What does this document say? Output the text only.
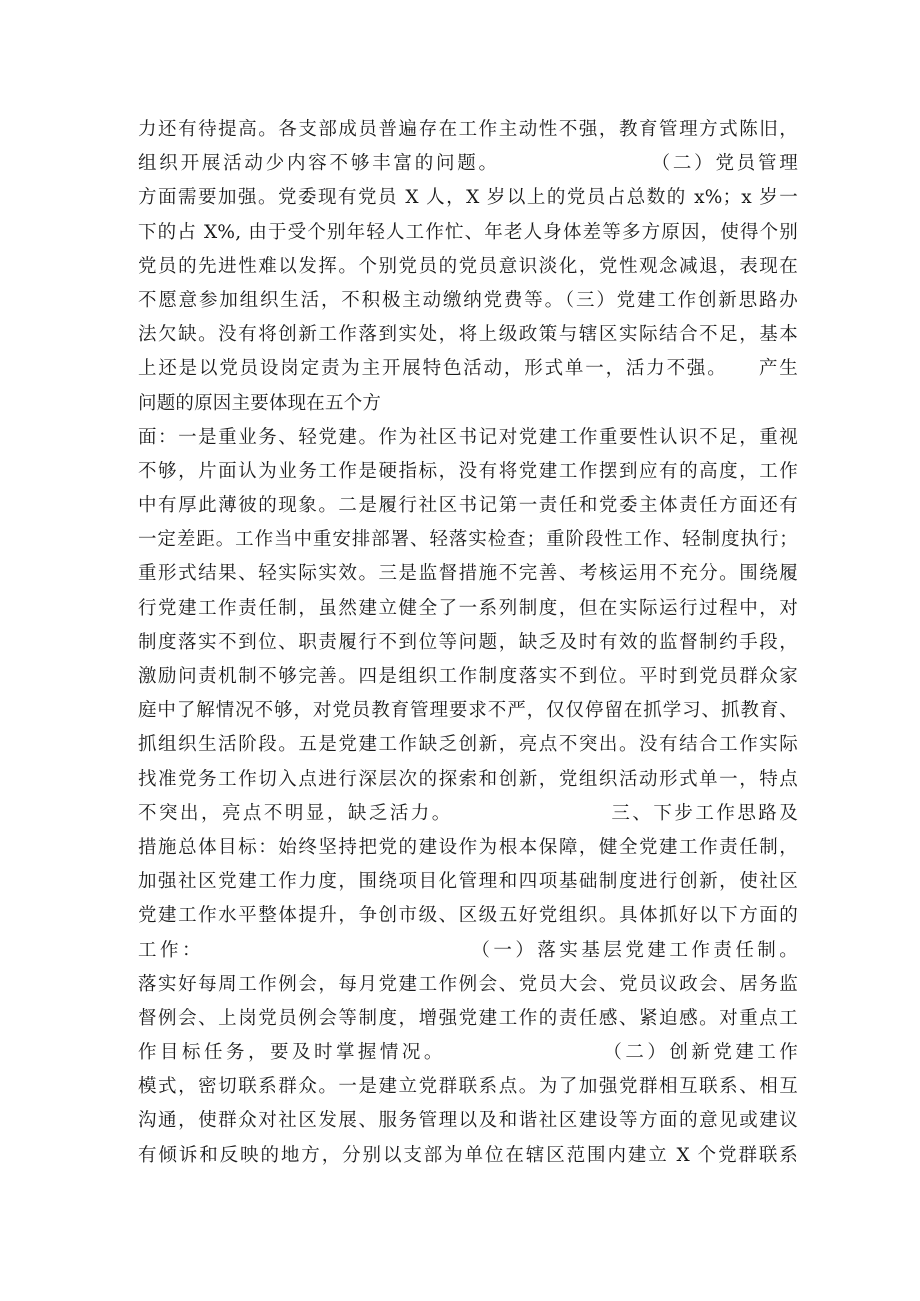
力还有待提高。各支部成员普遍存在工作主动性不强，教育管理方式陈旧，
组织开展活动少内容不够丰富的问题。　　　　　　　　（二）党员管理
方面需要加强。党委现有党员 X 人，X 岁以上的党员占总数的 x%；x 岁一
下的占 X%, 由于受个别年轻人工作忙、年老人身体差等多方原因，使得个别
党员的先进性难以发挥。个别党员的党员意识淡化，党性观念减退，表现在
不愿意参加组织生活，不积极主动缴纳党费等。（三）党建工作创新思路办
法欠缺。没有将创新工作落到实处，将上级政策与辖区实际结合不足，基本
上还是以党员设岗定责为主开展特色活动，形式单一，活力不强。　　产生
问题的原因主要体现在五个方
面：一是重业务、轻党建。作为社区书记对党建工作重要性认识不足，重视
不够，片面认为业务工作是硬指标，没有将党建工作摆到应有的高度，工作
中有厚此薄彼的现象。二是履行社区书记第一责任和党委主体责任方面还有
一定差距。工作当中重安排部署、轻落实检查；重阶段性工作、轻制度执行；
重形式结果、轻实际实效。三是监督措施不完善、考核运用不充分。围绕履
行党建工作责任制，虽然建立健全了一系列制度，但在实际运行过程中，对
制度落实不到位、职责履行不到位等问题，缺乏及时有效的监督制约手段，
激励问责机制不够完善。四是组织工作制度落实不到位。平时到党员群众家
庭中了解情况不够，对党员教育管理要求不严，仅仅停留在抓学习、抓教育、
抓组织生活阶段。五是党建工作缺乏创新，亮点不突出。没有结合工作实际
找准党务工作切入点进行深层次的探索和创新，党组织活动形式单一，特点
不突出，亮点不明显，缺乏活力。　　　　　　　　三、下步工作思路及
措施总体目标：始终坚持把党的建设作为根本保障，健全党建工作责任制，
加强社区党建工作力度，围绕项目化管理和四项基础制度进行创新，使社区
党建工作水平整体提升，争创市级、区级五好党组织。具体抓好以下方面的
工作：　　　　　　　　　　　　　（一）落实基层党建工作责任制。
落实好每周工作例会，每月党建工作例会、党员大会、党员议政会、居务监
督例会、上岗党员例会等制度，增强党建工作的责任感、紧迫感。对重点工
作目标任务，要及时掌握情况。　　　　　　　　（二）创新党建工作
模式，密切联系群众。一是建立党群联系点。为了加强党群相互联系、相互
沟通，使群众对社区发展、服务管理以及和谐社区建设等方面的意见或建议
有倾诉和反映的地方，分别以支部为单位在辖区范围内建立 X 个党群联系
